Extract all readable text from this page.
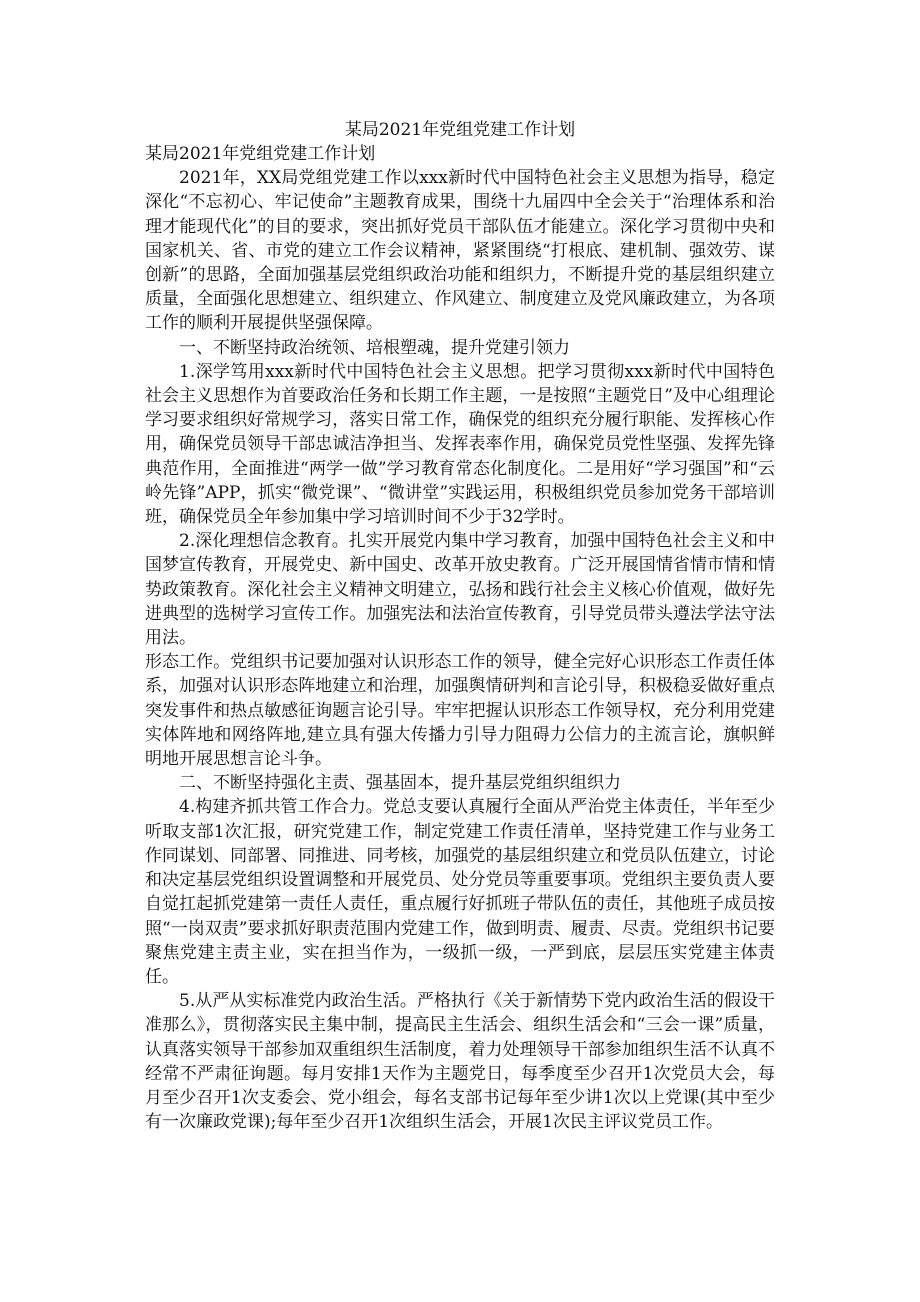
某局2021年党组党建工作计划

某局2021年党组党建工作计划

2021年，XX局党组党建工作以xxx新时代中国特色社会主义思想为指导，稳定深化“不忘初心、牢记使命”主题教育成果，围绕十九届四中全会关于“治理体系和治理才能现代化”的目的要求，突出抓好党员干部队伍才能建立。深化学习贯彻中央和国家机关、省、市党的建立工作会议精神，紧紧围绕“打根底、建机制、强效劳、谋创新”的思路，全面加强基层党组织政治功能和组织力，不断提升党的基层组织建立质量，全面强化思想建立、组织建立、作风建立、制度建立及党风廉政建立，为各项工作的顺利开展提供坚强保障。

一、不断坚持政治统领、培根塑魂，提升党建引领力

1.深学笃用xxx新时代中国特色社会主义思想。把学习贯彻xxx新时代中国特色社会主义思想作为首要政治任务和长期工作主题，一是按照“主题党日”及中心组理论学习要求组织好常规学习，落实日常工作，确保党的组织充分履行职能、发挥核心作用，确保党员领导干部忠诚洁净担当、发挥表率作用，确保党员党性坚强、发挥先锋典范作用，全面推进“两学一做”学习教育常态化制度化。二是用好“学习强国”和“云岭先锋”APP，抓实“微党课”、“微讲堂”实践运用，积极组织党员参加党务干部培训班，确保党员全年参加集中学习培训时间不少于32学时。

2.深化理想信念教育。扎实开展党内集中学习教育，加强中国特色社会主义和中国梦宣传教育，开展党史、新中国史、改革开放史教育。广泛开展国情省情市情和情势政策教育。深化社会主义精神文明建立，弘扬和践行社会主义核心价值观，做好先进典型的选树学习宣传工作。加强宪法和法治宣传教育，引导党员带头遵法学法守法用法。

形态工作。党组织书记要加强对认识形态工作的领导，健全完好心识形态工作责任体系，加强对认识形态阵地建立和治理，加强舆情研判和言论引导，积极稳妥做好重点突发事件和热点敏感征询题言论引导。牢牢把握认识形态工作领导权，充分利用党建实体阵地和网络阵地,建立具有强大传播力引导力阻碍力公信力的主流言论，旗帜鲜明地开展思想言论斗争。

二、不断坚持强化主责、强基固本，提升基层党组织组织力

4.构建齐抓共管工作合力。党总支要认真履行全面从严治党主体责任，半年至少听取支部1次汇报，研究党建工作，制定党建工作责任清单，坚持党建工作与业务工作同谋划、同部署、同推进、同考核，加强党的基层组织建立和党员队伍建立，讨论和决定基层党组织设置调整和开展党员、处分党员等重要事项。党组织主要负责人要自觉扛起抓党建第一责任人责任，重点履行好抓班子带队伍的责任，其他班子成员按照“一岗双责”要求抓好职责范围内党建工作，做到明责、履责、尽责。党组织书记要聚焦党建主责主业，实在担当作为，一级抓一级，一严到底，层层压实党建主体责任。

5.从严从实标准党内政治生活。严格执行《关于新情势下党内政治生活的假设干准那么》，贯彻落实民主集中制，提高民主生活会、组织生活会和“三会一课”质量，认真落实领导干部参加双重组织生活制度，着力处理领导干部参加组织生活不认真不经常不严肃征询题。每月安排1天作为主题党日，每季度至少召开1次党员大会，每月至少召开1次支委会、党小组会，每名支部书记每年至少讲1次以上党课(其中至少有一次廉政党课);每年至少召开1次组织生活会，开展1次民主评议党员工作。
